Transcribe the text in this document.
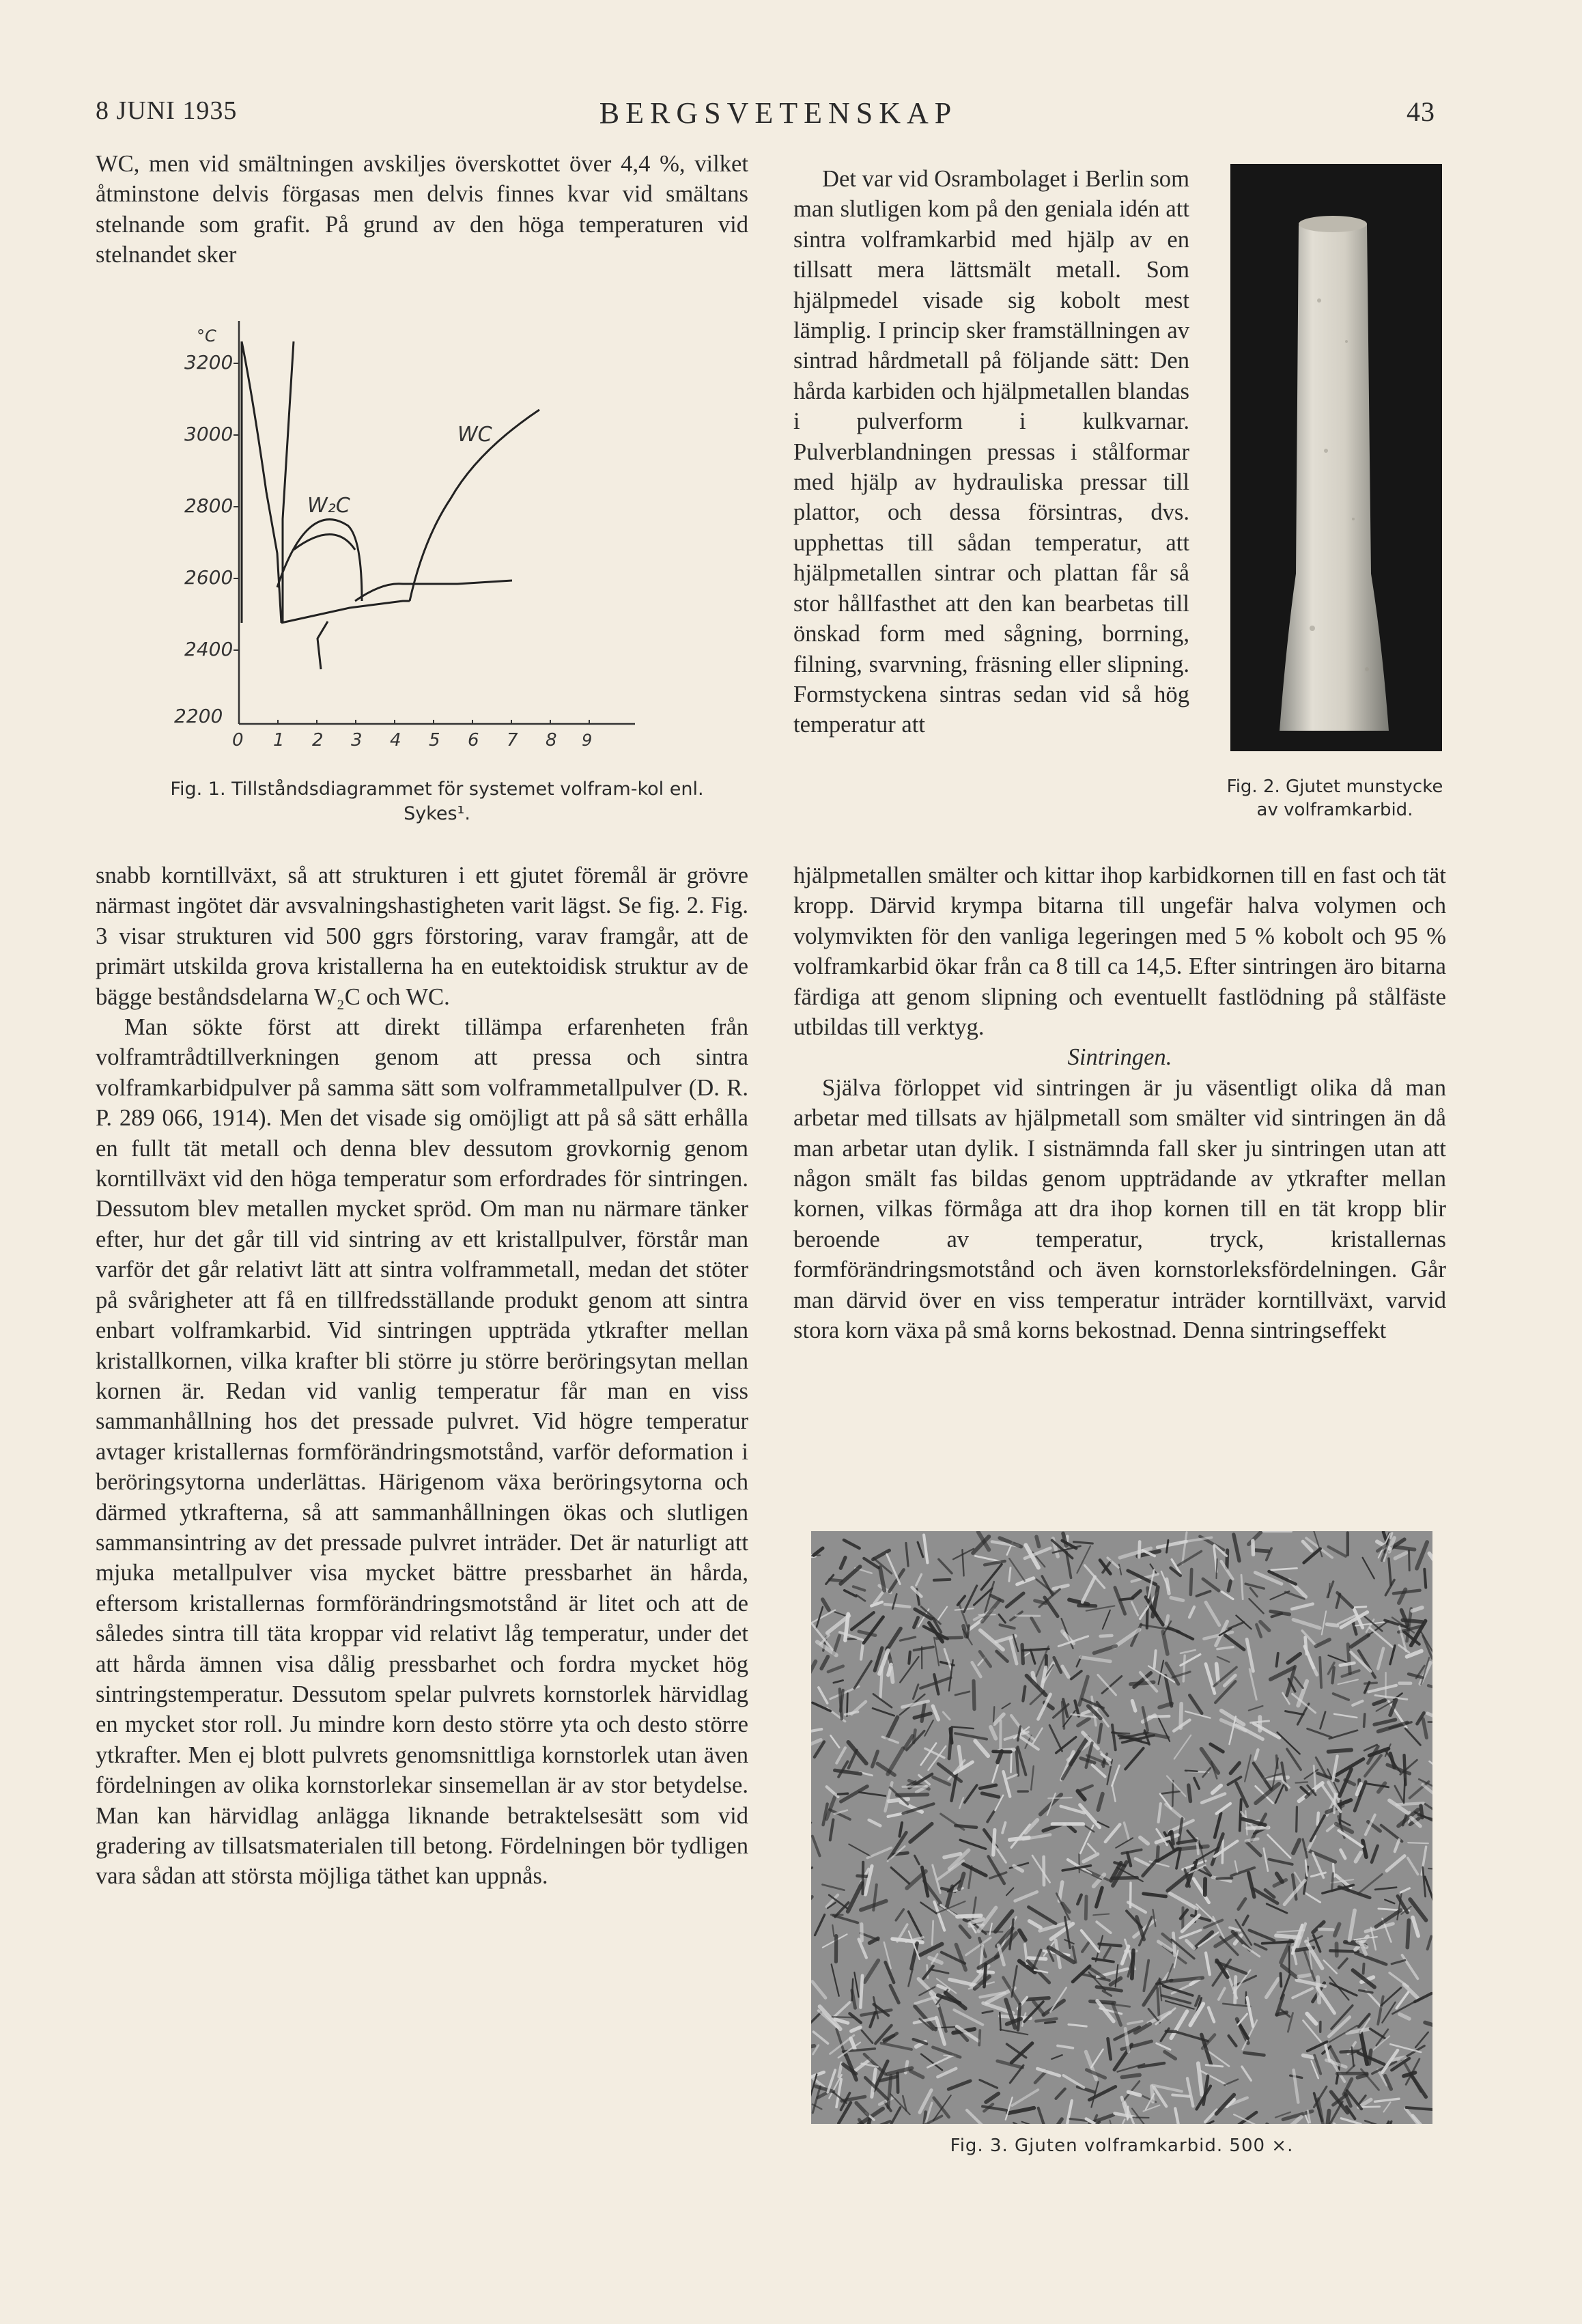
8 JUNI 1935	BERGSVETENSKAP	43

WC, men vid smältningen avskiljes överskottet över 4,4 %, vilket åtminstone delvis förgasas men delvis finnes kvar vid smältans stelnande som grafit. På grund av den höga temperaturen vid stelnandet sker

°C
3200
3000
2800
2600
2400
2200
0 1 2 3 4 5 6 7 8 9
W₂C
WC
Fig. 1. Tillståndsdiagrammet för systemet volfram-kol enl. Sykes¹.

snabb korntillväxt, så att strukturen i ett gjutet föremål är grövre närmast ingötet där avsvalningshastigheten varit lägst. Se fig. 2. Fig. 3 visar strukturen vid 500 ggrs förstoring, varav framgår, att de primärt utskilda grova kristallerna ha en eutektoidisk struktur av de bägge beståndsdelarna W₂C och WC.

Man sökte först att direkt tillämpa erfarenheten från volframtrådtillverkningen genom att pressa och sintra volframkarbidpulver på samma sätt som volframmetallpulver (D. R. P. 289 066, 1914). Men det visade sig omöjligt att på så sätt erhålla en fullt tät metall och denna blev dessutom grovkornig genom korntillväxt vid den höga temperatur som erfordrades för sintringen. Dessutom blev metallen mycket spröd. Om man nu närmare tänker efter, hur det går till vid sintring av ett kristallpulver, förstår man varför det går relativt lätt att sintra volframmetall, medan det stöter på svårigheter att få en tillfredsställande produkt genom att sintra enbart volframkarbid. Vid sintringen uppträda ytkrafter mellan kristallkornen, vilka krafter bli större ju större beröringsytan mellan kornen är. Redan vid vanlig temperatur får man en viss sammanhållning hos det pressade pulvret. Vid högre temperatur avtager kristallernas formförändringsmotstånd, varför deformation i beröringsytorna underlättas. Härigenom växa beröringsytorna och därmed ytkrafterna, så att sammanhållningen ökas och slutligen sammansintring av det pressade pulvret inträder. Det är naturligt att mjuka metallpulver visa mycket bättre pressbarhet än hårda, eftersom kristallernas formförändringsmotstånd är litet och att de således sintra till täta kroppar vid relativt låg temperatur, under det att hårda ämnen visa dålig pressbarhet och fordra mycket hög sintringstemperatur. Dessutom spelar pulvrets kornstorlek härvidlag en mycket stor roll. Ju mindre korn desto större yta och desto större ytkrafter. Men ej blott pulvrets genomsnittliga kornstorlek utan även fördelningen av olika kornstorlekar sinsemellan är av stor betydelse. Man kan härvidlag anlägga liknande betraktelsesätt som vid gradering av tillsatsmaterialen till betong. Fördelningen bör tydligen vara sådan att största möjliga täthet kan uppnås.

Det var vid Osrambolaget i Berlin som man slutligen kom på den geniala idén att sintra volframkarbid med hjälp av en tillsatt mera lättsmält metall. Som hjälpmedel visade sig kobolt mest lämplig. I princip sker framställningen av sintrad hårdmetall på följande sätt: Den hårda karbiden och hjälpmetallen blandas i pulverform i kulkvarnar. Pulverblandningen pressas i stålformar med hjälp av hydrauliska pressar till plattor, och dessa försintras, dvs. upphettas till sådan temperatur, att hjälpmetallen sintrar och plattan får så stor hållfasthet att den kan bearbetas till önskad form med sågning, borrning, filning, svarvning, fräsning eller slipning. Formstyckena sintras sedan vid så hög temperatur att

Fig. 2. Gjutet munstycke av volframkarbid.

hjälpmetallen smälter och kittar ihop karbidkornen till en fast och tät kropp. Därvid krympa bitarna till ungefär halva volymen och volymvikten för den vanliga legeringen med 5 % kobolt och 95 % volframkarbid ökar från ca 8 till ca 14,5. Efter sintringen äro bitarna färdiga att genom slipning och eventuellt fastlödning på stålfäste utbildas till verktyg.

Sintringen.

Själva förloppet vid sintringen är ju väsentligt olika då man arbetar med tillsats av hjälpmetall som smälter vid sintringen än då man arbetar utan dylik. I sistnämnda fall sker ju sintringen utan att någon smält fas bildas genom uppträdande av ytkrafter mellan kornen, vilkas förmåga att dra ihop kornen till en tät kropp blir beroende av temperatur, tryck, kristallernas formförändringsmotstånd och även kornstorleksfördelningen. Går man därvid över en viss temperatur inträder korntillväxt, varvid stora korn växa på små korns bekostnad. Denna sintringseffekt

Fig. 3. Gjuten volframkarbid. 500 ×.
